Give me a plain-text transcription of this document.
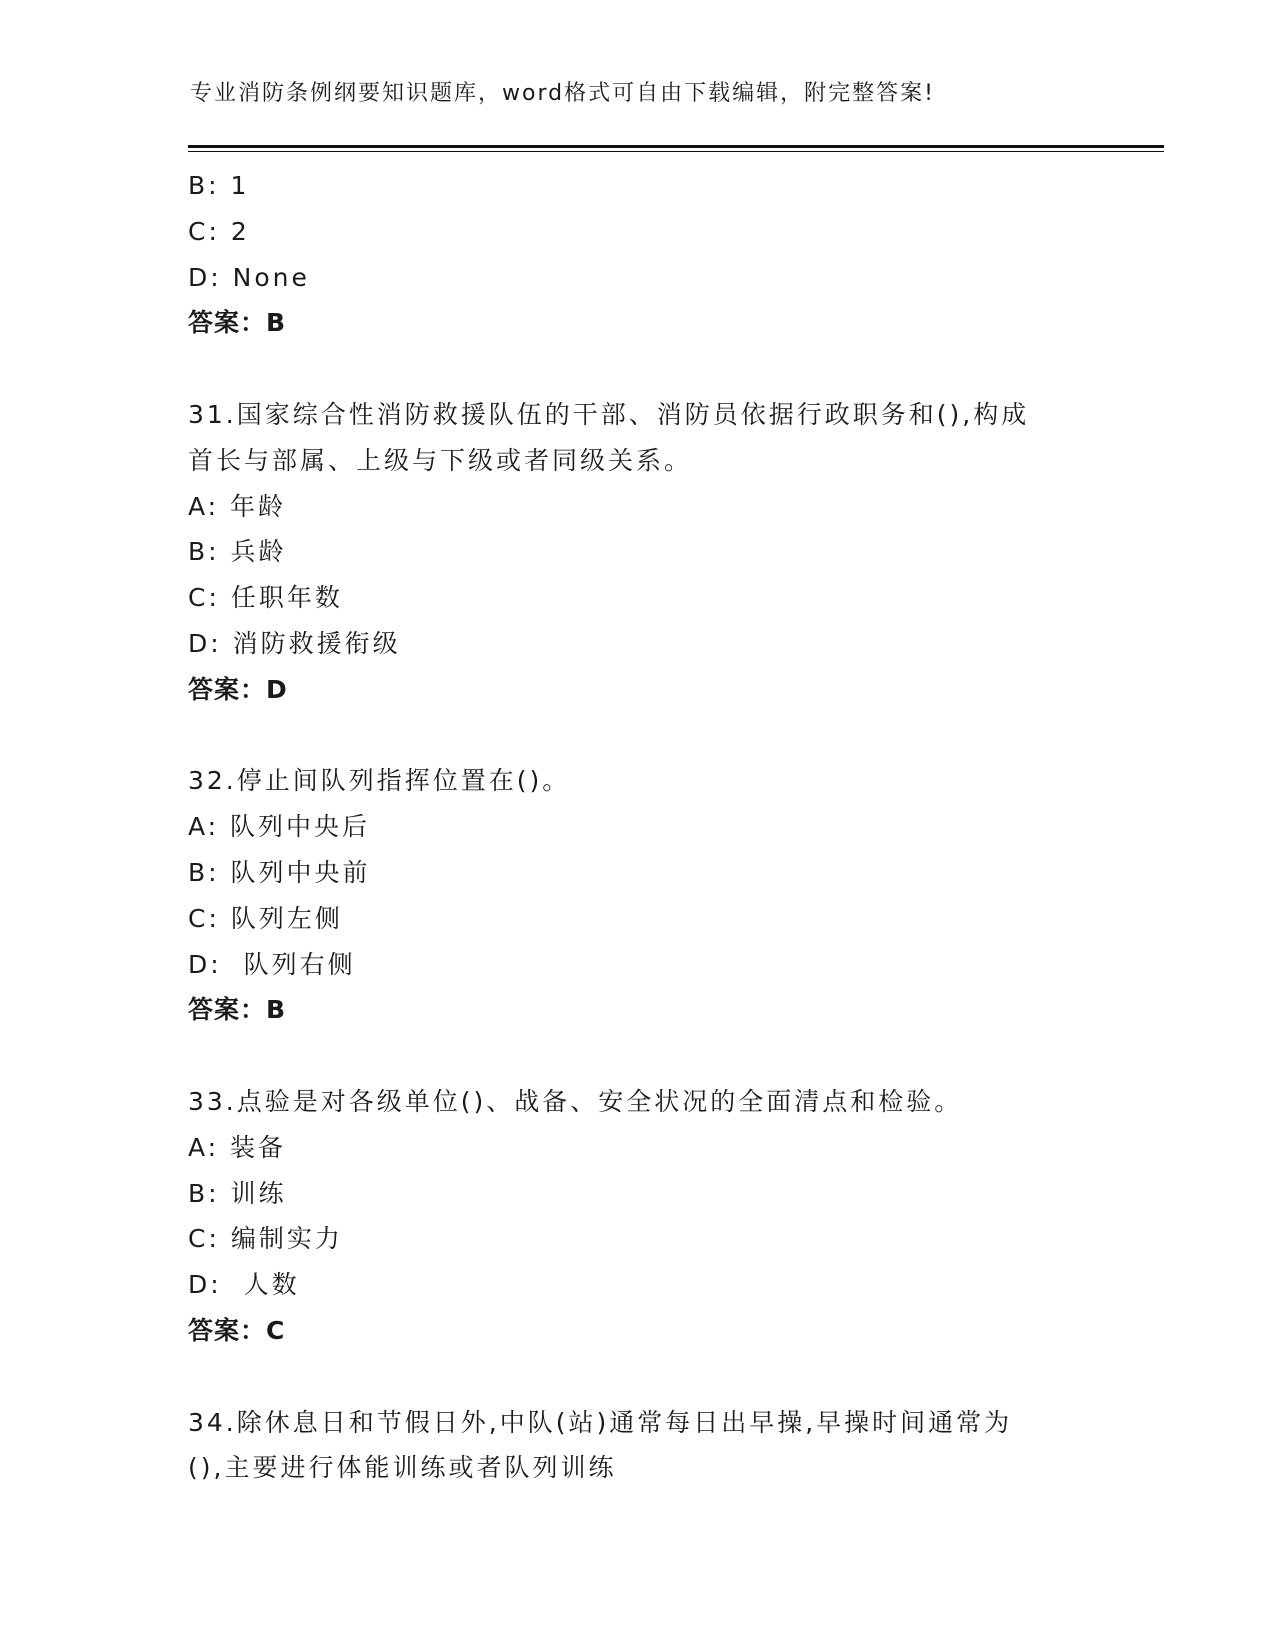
专业消防条例纲要知识题库，word格式可自由下载编辑，附完整答案!
B: 1
C: 2
D: None
答案：B
31.国家综合性消防救援队伍的干部、消防员依据行政职务和(),构成
首长与部属、上级与下级或者同级关系。
A: 年龄
B: 兵龄
C: 任职年数
D: 消防救援衔级
答案：D
32.停止间队列指挥位置在()。
A: 队列中央后
B: 队列中央前
C: 队列左侧
D:  队列右侧
答案：B
33.点验是对各级单位()、战备、安全状况的全面清点和检验。
A: 装备
B: 训练
C: 编制实力
D:  人数
答案：C
34.除休息日和节假日外,中队(站)通常每日出早操,早操时间通常为
(),主要进行体能训练或者队列训练
